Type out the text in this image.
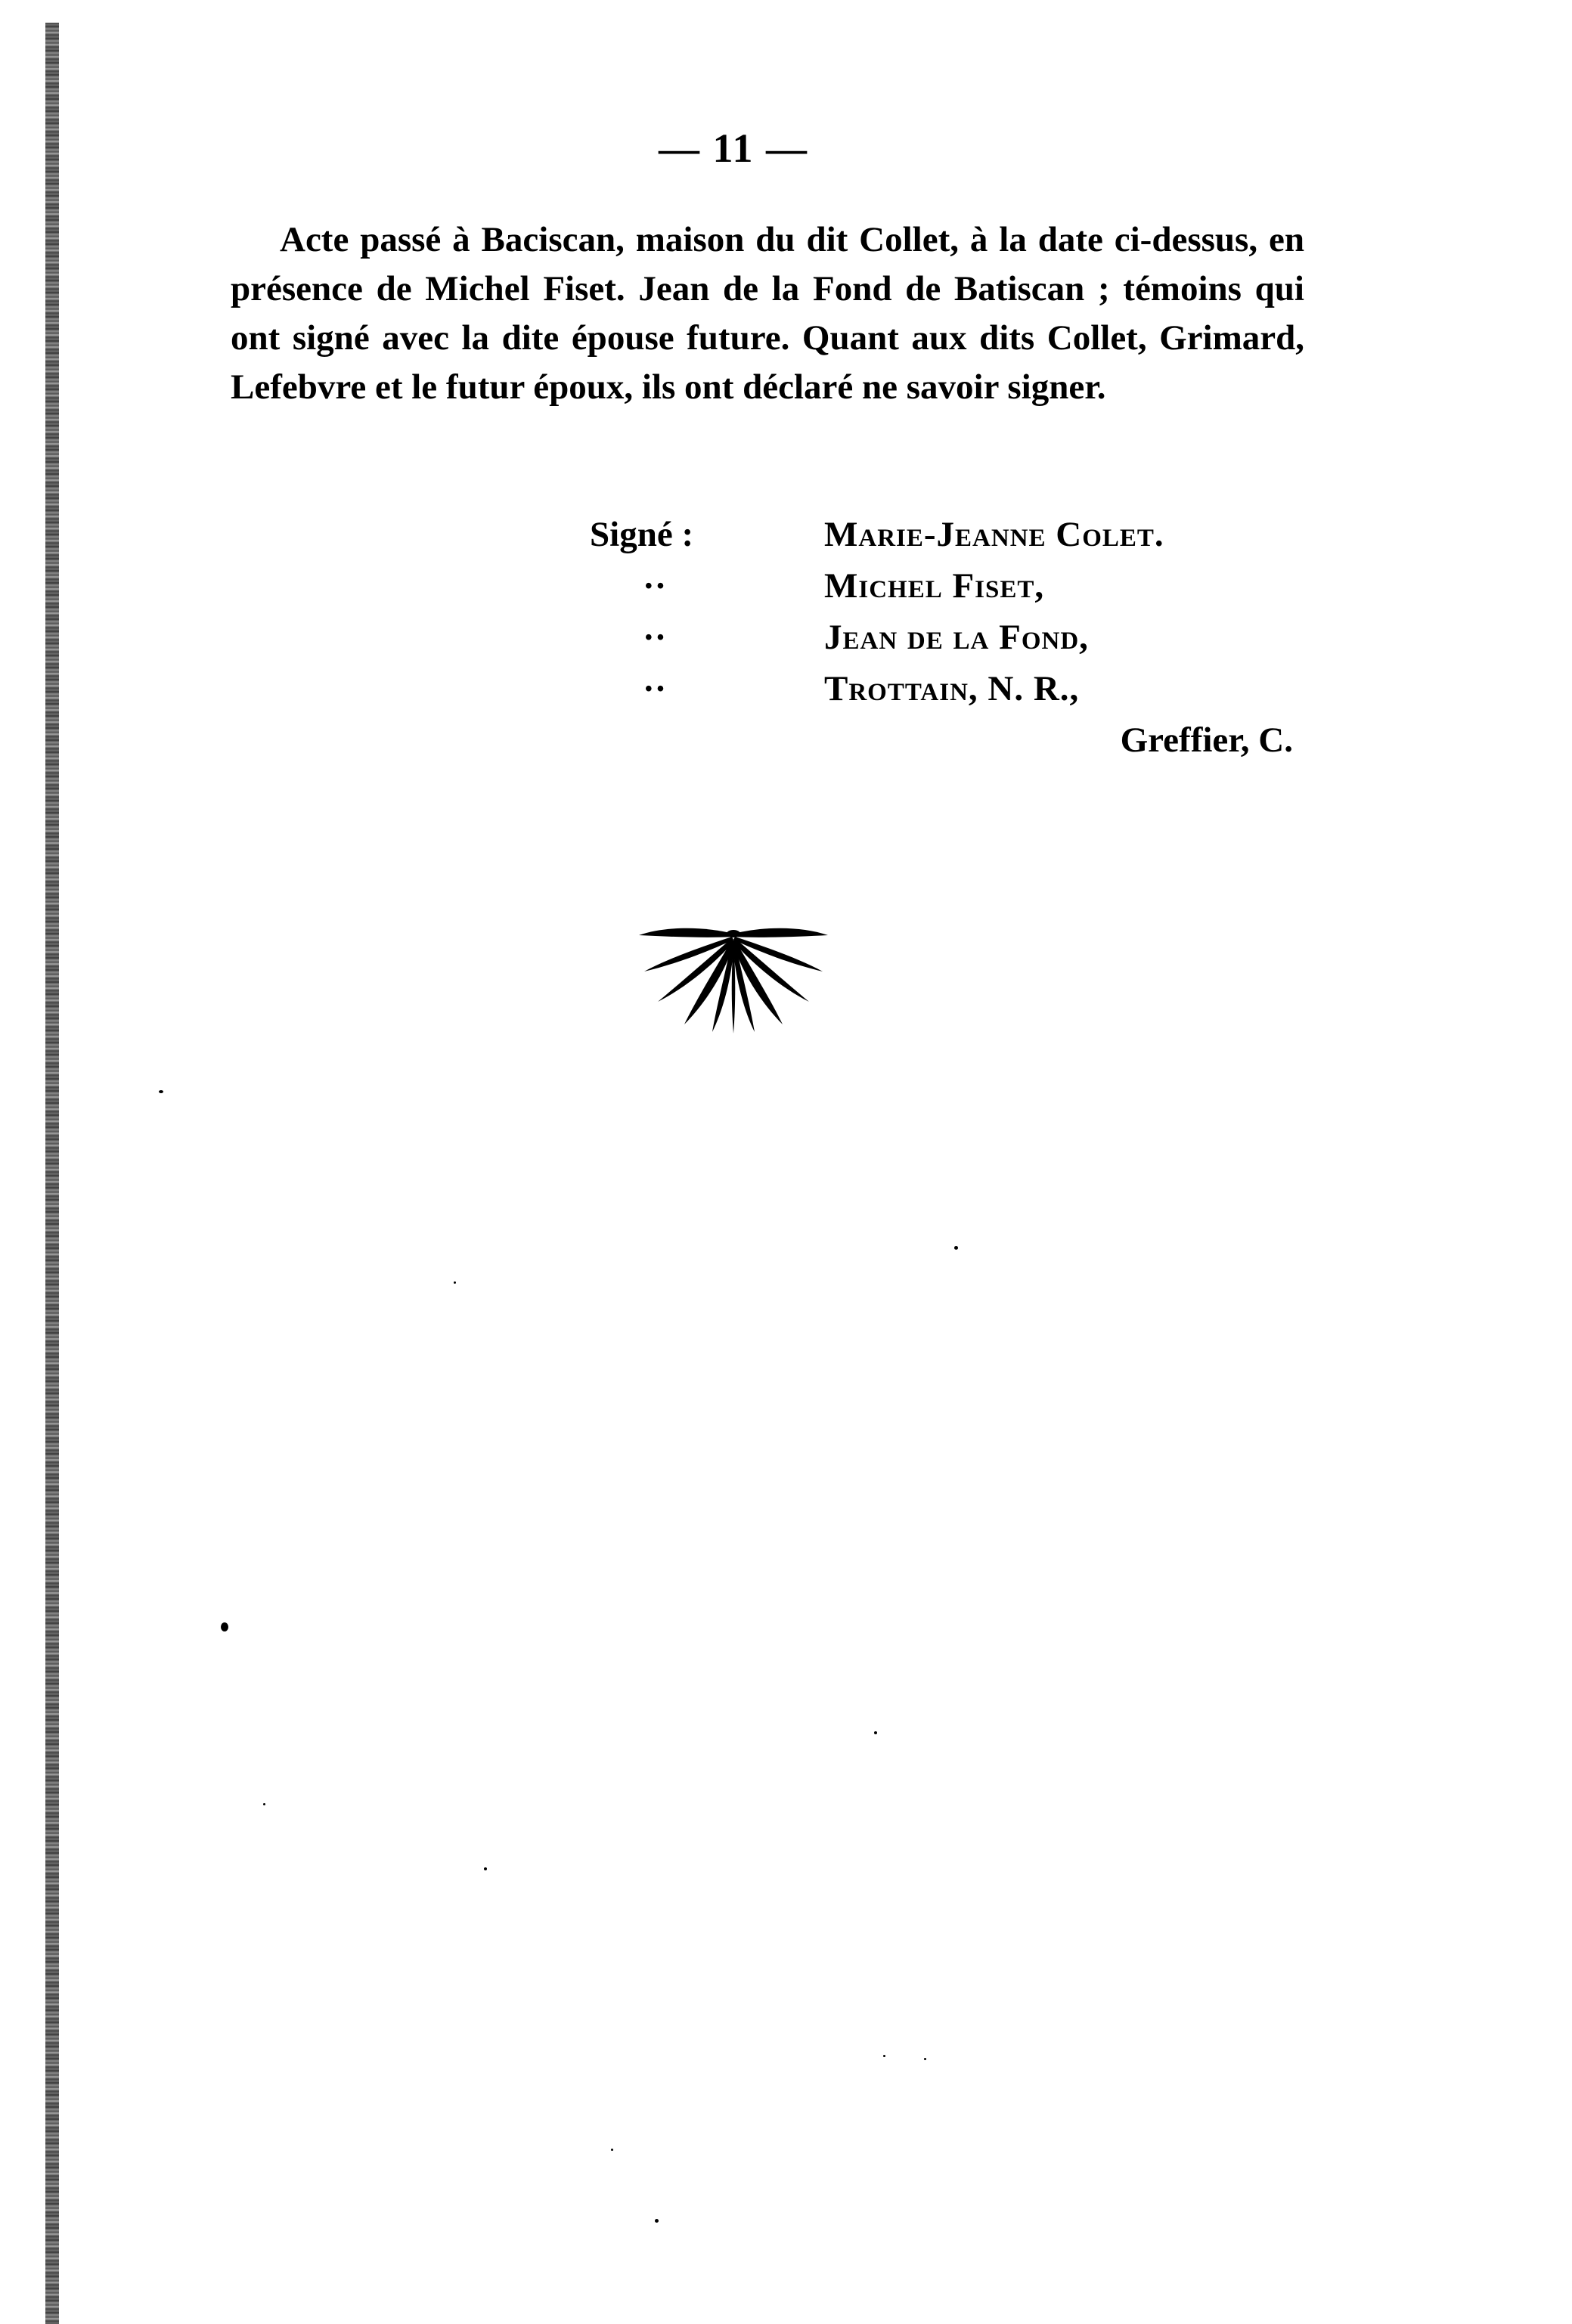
— 11 —

Acte passé à Baciscan, maison du dit Collet, à la date ci-dessus, en présence de Michel Fiset. Jean de la Fond de Batiscan ; témoins qui ont signé avec la dite épouse future. Quant aux dits Collet, Grimard, Lefebvre et le futur époux, ils ont déclaré ne savoir signer.

Signé :	Marie-Jeanne Colet.
··	Michel Fiset,
··	Jean de la Fond,
··	Trottain, N. R.,
Greffier, C.
